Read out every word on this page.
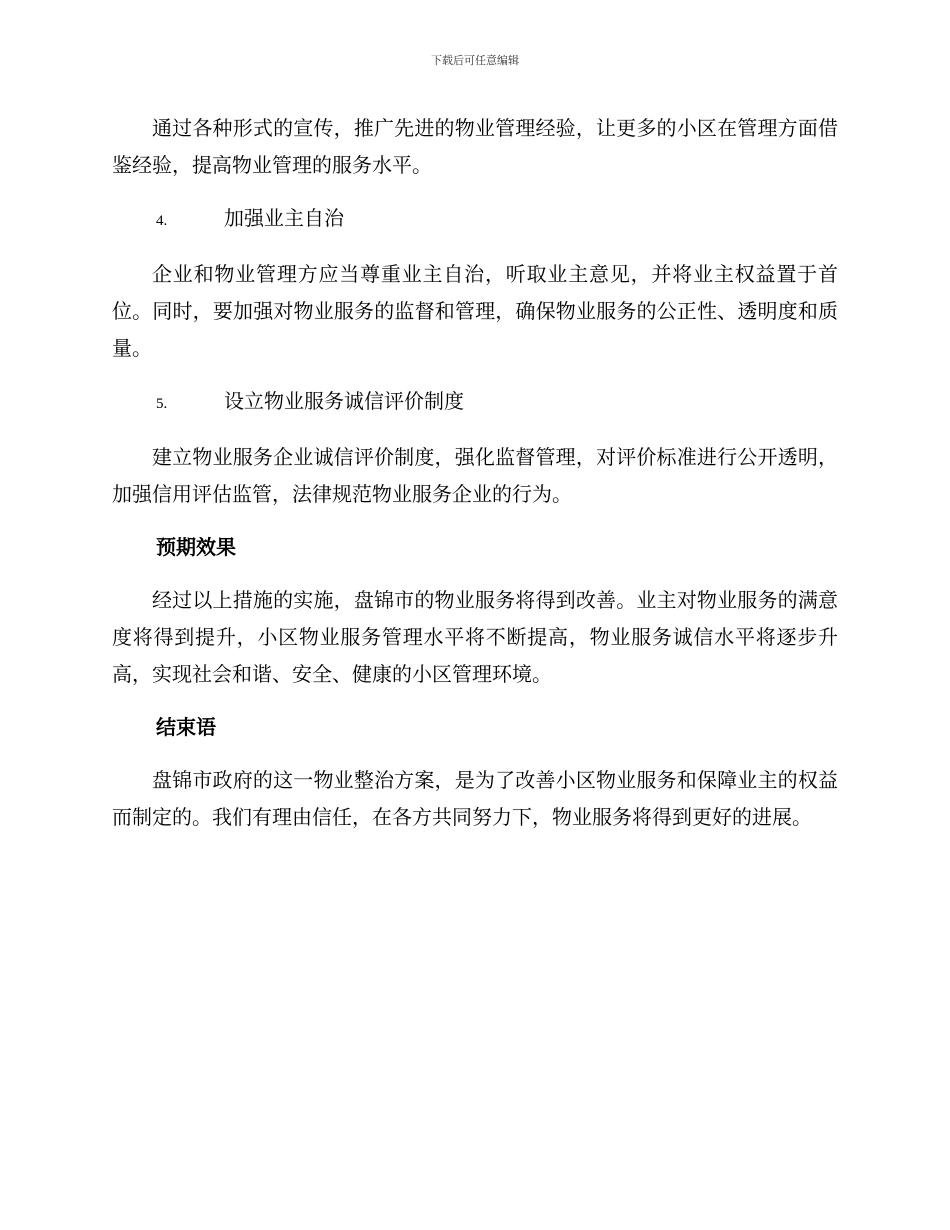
下载后可任意编辑

通过各种形式的宣传，推广先进的物业管理经验，让更多的小区在管理方面借鉴经验，提高物业管理的服务水平。

4.	加强业主自治

企业和物业管理方应当尊重业主自治，听取业主意见，并将业主权益置于首位。同时，要加强对物业服务的监督和管理，确保物业服务的公正性、透明度和质量。

5.	设立物业服务诚信评价制度

建立物业服务企业诚信评价制度，强化监督管理，对评价标准进行公开透明，加强信用评估监管，法律规范物业服务企业的行为。

预期效果

经过以上措施的实施，盘锦市的物业服务将得到改善。业主对物业服务的满意度将得到提升，小区物业服务管理水平将不断提高，物业服务诚信水平将逐步升高，实现社会和谐、安全、健康的小区管理环境。

结束语

盘锦市政府的这一物业整治方案，是为了改善小区物业服务和保障业主的权益而制定的。我们有理由信任，在各方共同努力下，物业服务将得到更好的进展。
